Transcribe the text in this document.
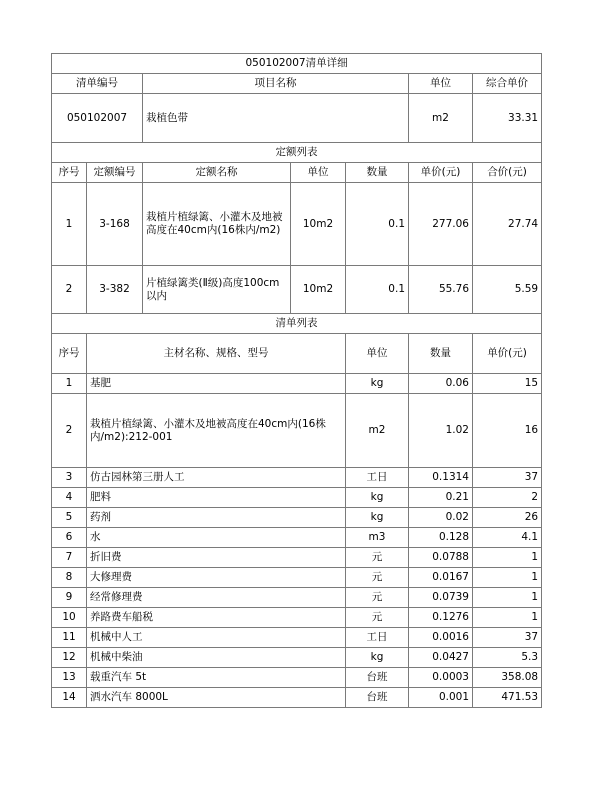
050102007清单详细							
清单编号		项目名称			单位	综合单价	
050102007		栽植色带			m2	33.31	
定额列表							
序号	定额编号	定额名称	单位	数量	单价(元)	合价(元)	
1	3-168	栽植片植绿篱、小灌木及地被高度在40cm内(16株内/m2)	10m2	0.1	277.06	27.74	
2	3-382	片植绿篱类(Ⅱ级)高度100cm以内	10m2	0.1	55.76	5.59	
清单列表							
序号	主材名称、规格、型号			单位	数量	单价(元)	
1	基肥			kg	0.06	15	
2	栽植片植绿篱、小灌木及地被高度在40cm内(16株内/m2):212-001			m2	1.02	16	
3	仿古园林第三册人工			工日	0.1314	37	
4	肥料			kg	0.21	2	
5	药剂			kg	0.02	26	
6	水			m3	0.128	4.1	
7	折旧费			元	0.0788	1	
8	大修理费			元	0.0167	1	
9	经常修理费			元	0.0739	1	
10	养路费车船税			元	0.1276	1	
11	机械中人工			工日	0.0016	37	
12	机械中柴油			kg	0.0427	5.3	
13	载重汽车 5t			台班	0.0003	358.08	
14	洒水汽车 8000L			台班	0.001	471.53	
